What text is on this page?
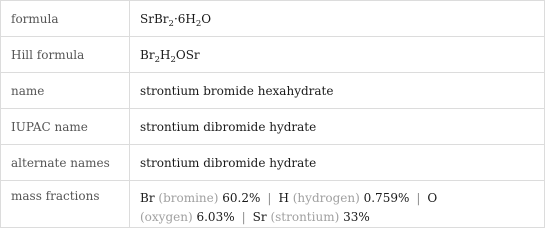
formula	$SrBr_2\cdot 6H_2O$
Hill formula	$Br_2H_2OSr$
name	strontium bromide hexahydrate
IUPAC name	strontium dibromide hydrate
alternate names	strontium dibromide hydrate
mass fractions	Br (bromine) 60.2% | H (hydrogen) 0.759% | O
(oxygen) 6.03% | Sr (strontium) 33%
